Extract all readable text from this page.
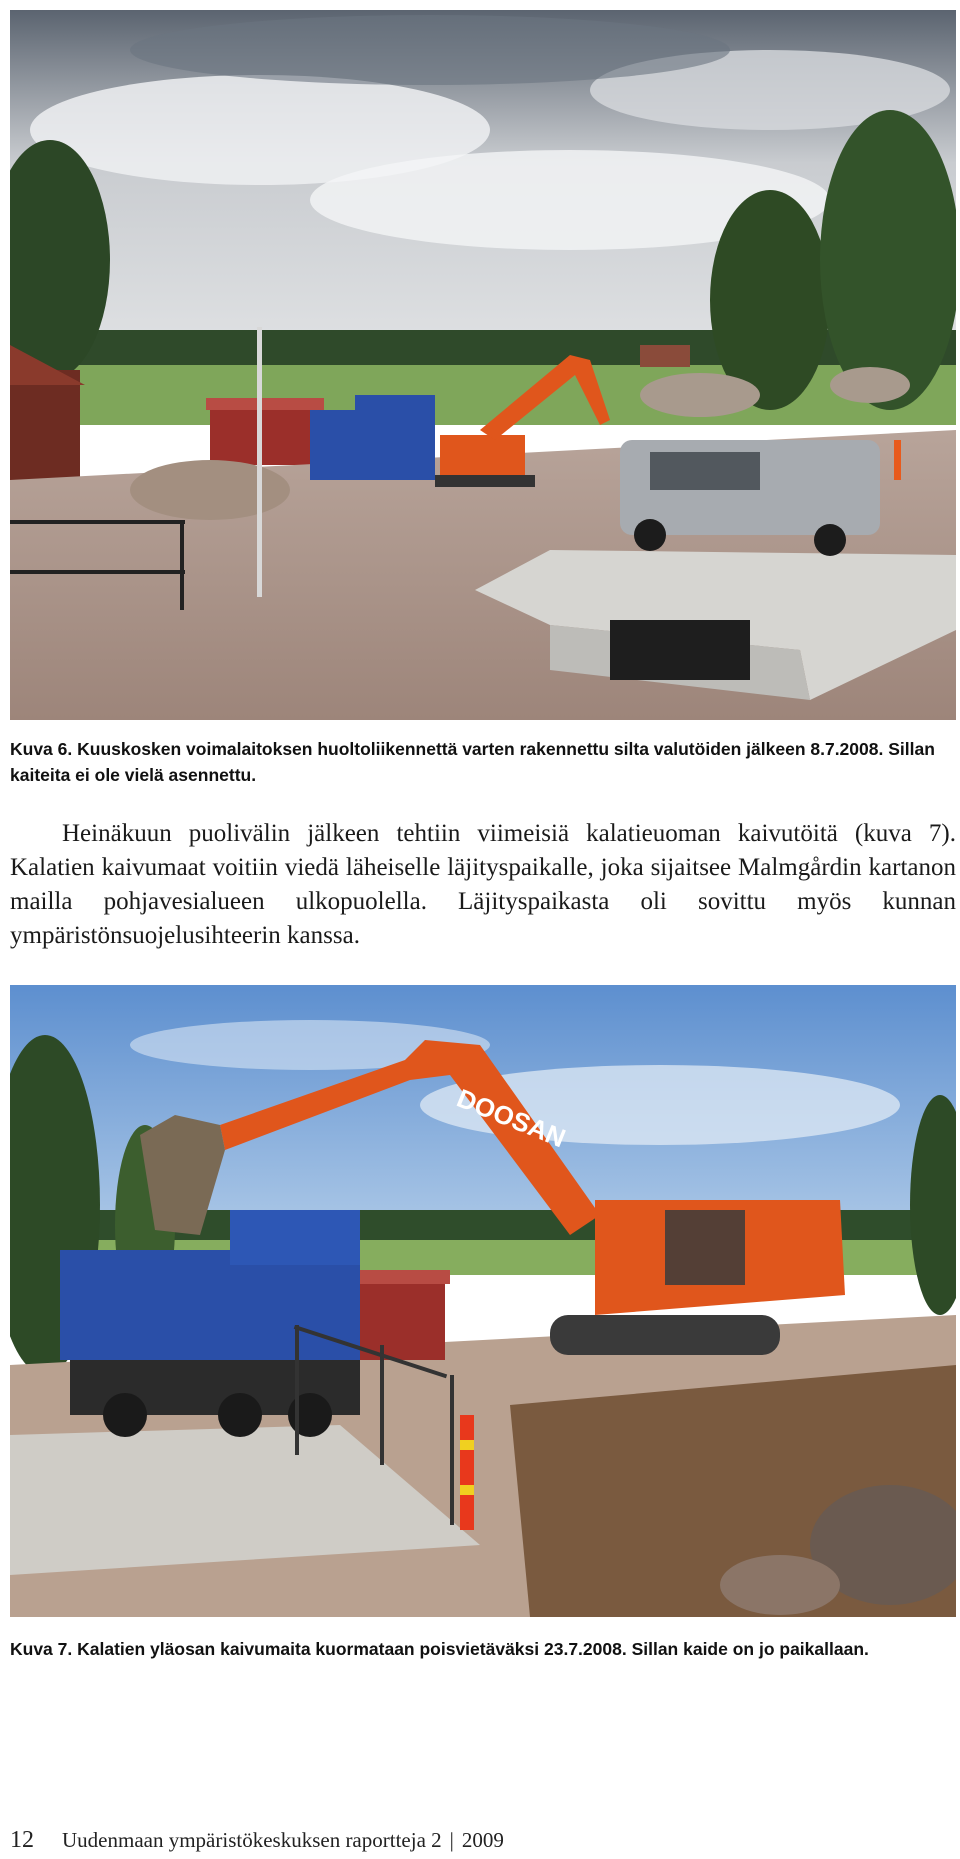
Kuva 6. Kuuskosken voimalaitoksen huoltoliikennettä varten rakennettu silta valutöiden jälkeen 8.7.2008. Sillan kaiteita ei ole vielä asennettu.

Heinäkuun puolivälin jälkeen tehtiin viimeisiä kalatieuoman kaivutöitä (kuva 7). Kalatien kaivumaat voitiin viedä läheiselle läjityspaikalle, joka sijaitsee Malmgårdin kartanon mailla pohjavesialueen ulkopuolella. Läjityspaikasta oli sovittu myös kunnan ympäristönsuojelusihteerin kanssa.

DOOSAN
Kuva 7. Kalatien yläosan kaivumaita kuormataan poisvietäväksi 23.7.2008. Sillan kaide on jo paikallaan.
12 Uudenmaan ympäristökeskuksen raportteja 2 | 2009
